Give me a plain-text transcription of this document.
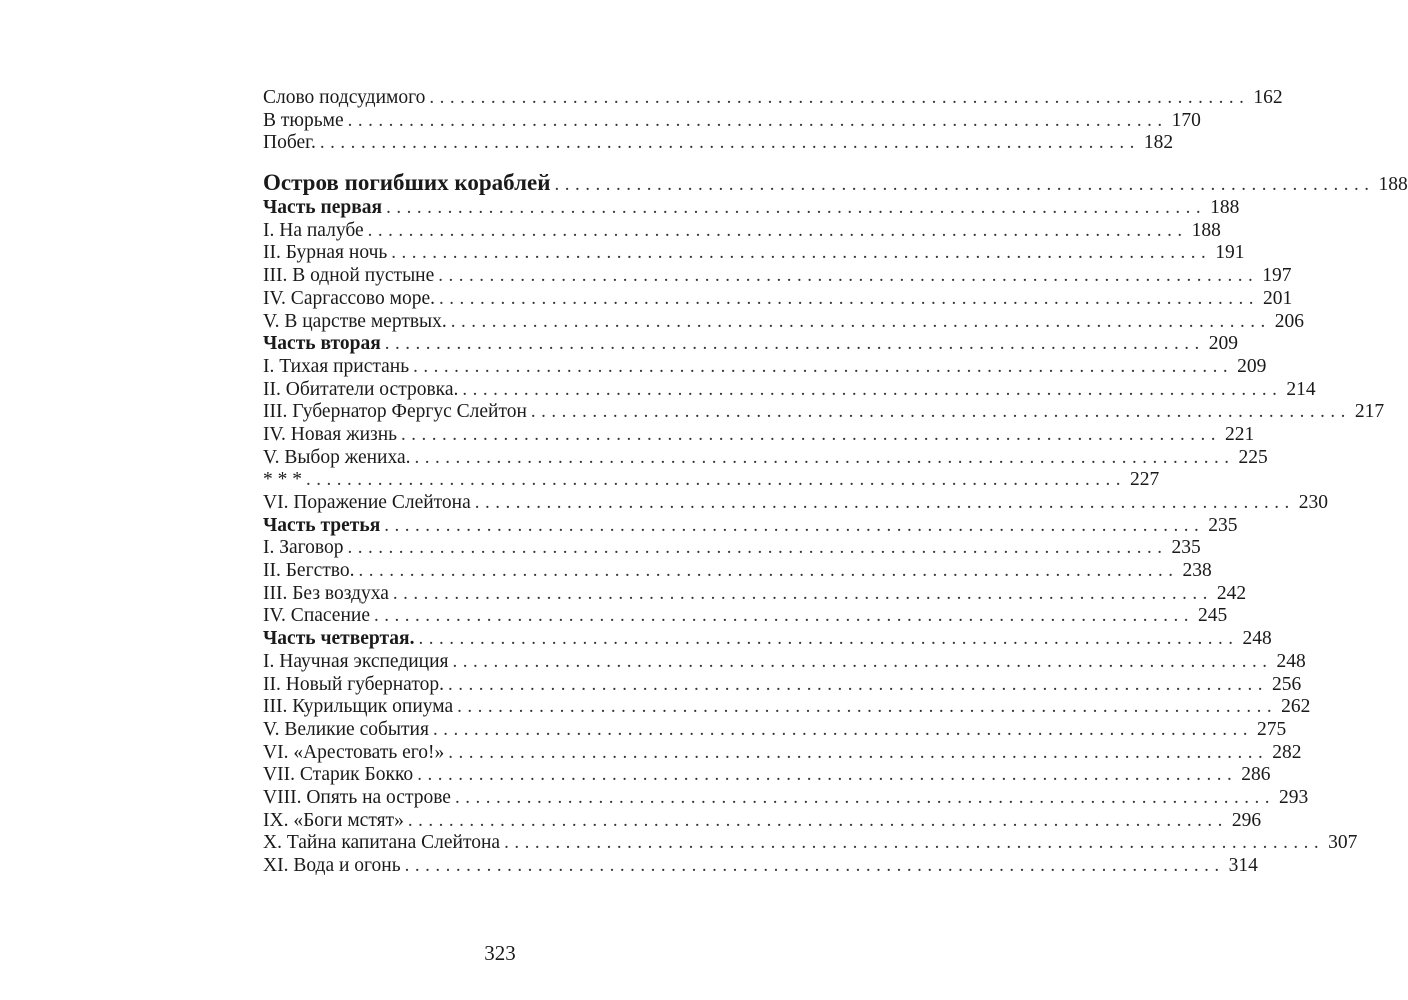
Слово подсудимого ................................................................................ 162
В тюрьме ................................................................................ 170
Побег. ................................................................................ 182
Остров погибших кораблей ................................................................................ 188
Часть первая ................................................................................ 188
I. На палубе ................................................................................ 188
II. Бурная ночь ................................................................................ 191
III. В одной пустыне ................................................................................ 197
IV. Саргассово море. ................................................................................ 201
V. В царстве мертвых. ................................................................................ 206
Часть вторая ................................................................................ 209
I. Тихая пристань ................................................................................ 209
II. Обитатели островка. ................................................................................ 214
III. Губернатор Фергус Слейтон ................................................................................ 217
IV. Новая жизнь ................................................................................ 221
V. Выбор жениха. ................................................................................ 225
* * * ................................................................................ 227
VI. Поражение Слейтона ................................................................................ 230
Часть третья ................................................................................ 235
I. Заговор ................................................................................ 235
II. Бегство. ................................................................................ 238
III. Без воздуха ................................................................................ 242
IV. Спасение ................................................................................ 245
Часть четвертая. ................................................................................ 248
I. Научная экспедиция ................................................................................ 248
II. Новый губернатор. ................................................................................ 256
III. Курильщик опиума ................................................................................ 262
V. Великие события ................................................................................ 275
VI. «Арестовать его!» ................................................................................ 282
VII. Старик Бокко ................................................................................ 286
VIII. Опять на острове ................................................................................ 293
IX. «Боги мстят» ................................................................................ 296
X. Тайна капитана Слейтона ................................................................................ 307
XI. Вода и огонь ................................................................................ 314
323
